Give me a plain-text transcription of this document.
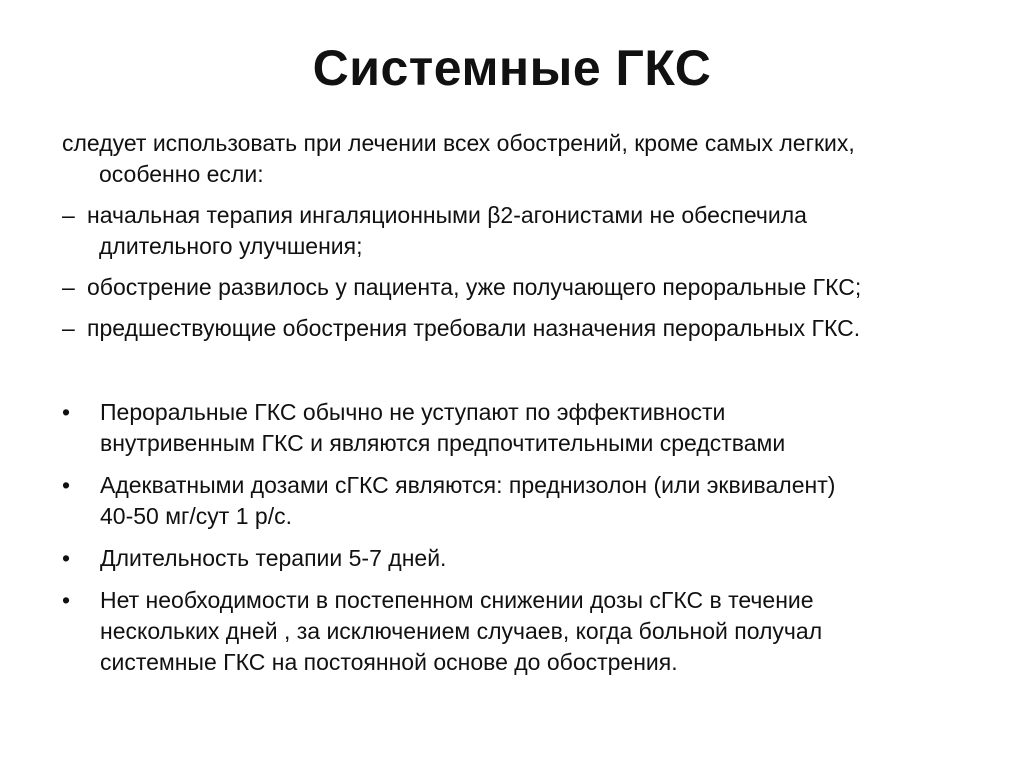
Системные ГКС
следует использовать при лечении всех обострений, кроме самых легких,
особенно если:
– начальная терапия ингаляционными β2-агонистами не обеспечила
длительного улучшения;
– обострение развилось у пациента, уже получающего пероральные ГКС;
– предшествующие обострения требовали назначения пероральных ГКС.
•	Пероральные ГКС обычно не уступают по эффективности
внутривенным ГКС и являются предпочтительными средствами
•	Адекватными дозами сГКС являются: преднизолон (или эквивалент)
40-50 мг/сут 1 р/с.
•	Длительность терапии 5-7 дней.
•	Нет необходимости в постепенном снижении дозы сГКС в течение
нескольких дней , за исключением случаев, когда больной получал
системные ГКС на постоянной основе до обострения.
